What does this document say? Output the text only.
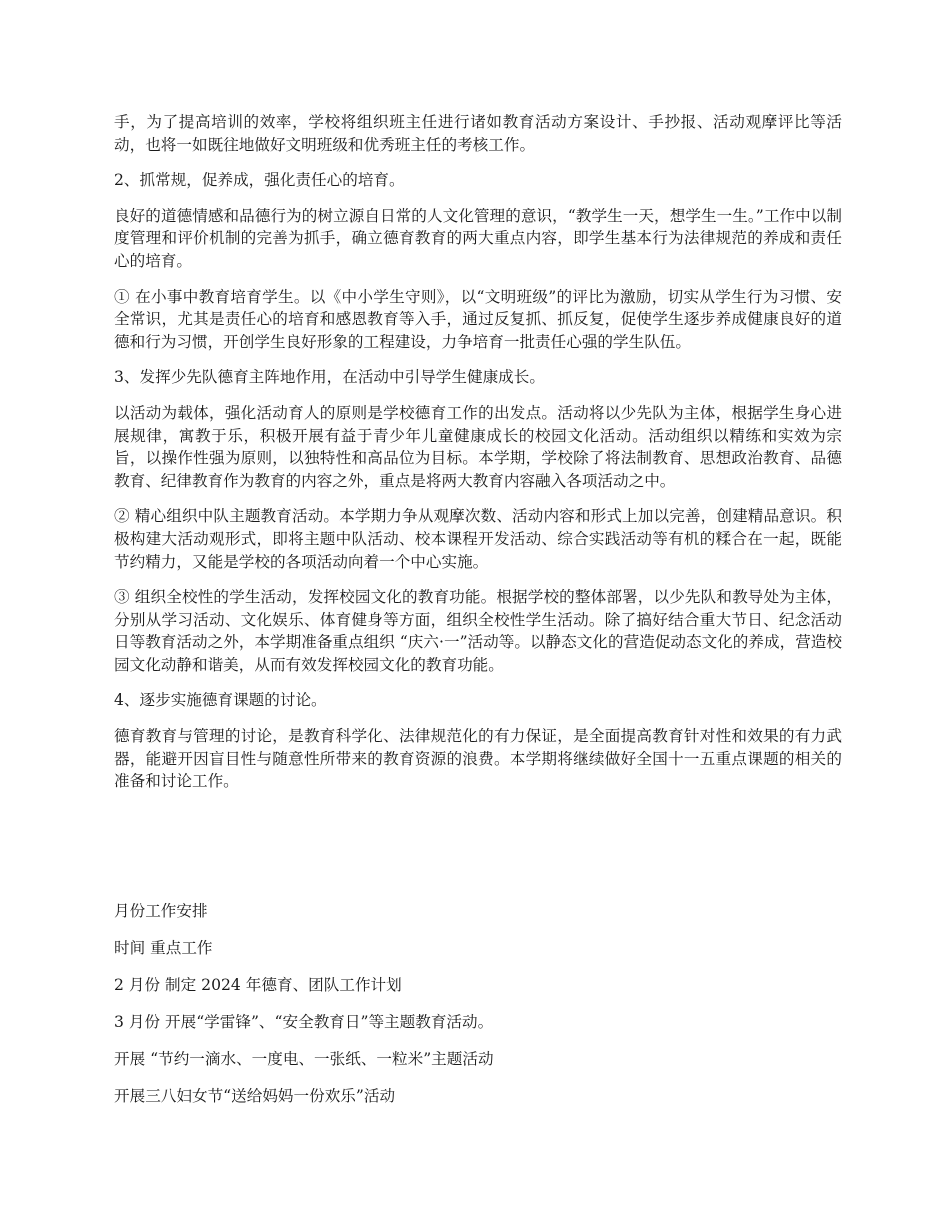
手，为了提高培训的效率，学校将组织班主任进行诸如教育活动方案设计、手抄报、活动观摩评比等活动，也将一如既往地做好文明班级和优秀班主任的考核工作。

2、抓常规，促养成，强化责任心的培育。

良好的道德情感和品德行为的树立源自日常的人文化管理的意识，“教学生一天，想学生一生。”工作中以制度管理和评价机制的完善为抓手，确立德育教育的两大重点内容，即学生基本行为法律规范的养成和责任心的培育。

① 在小事中教育培育学生。以《中小学生守则》，以“文明班级”的评比为激励，切实从学生行为习惯、安全常识，尤其是责任心的培育和感恩教育等入手，通过反复抓、抓反复，促使学生逐步养成健康良好的道德和行为习惯，开创学生良好形象的工程建设，力争培育一批责任心强的学生队伍。

3、发挥少先队德育主阵地作用，在活动中引导学生健康成长。

以活动为载体，强化活动育人的原则是学校德育工作的出发点。活动将以少先队为主体，根据学生身心进展规律，寓教于乐，积极开展有益于青少年儿童健康成长的校园文化活动。活动组织以精练和实效为宗旨，以操作性强为原则，以独特性和高品位为目标。本学期，学校除了将法制教育、思想政治教育、品德教育、纪律教育作为教育的内容之外，重点是将两大教育内容融入各项活动之中。

② 精心组织中队主题教育活动。本学期力争从观摩次数、活动内容和形式上加以完善，创建精品意识。积极构建大活动观形式，即将主题中队活动、校本课程开发活动、综合实践活动等有机的糅合在一起，既能节约精力，又能是学校的各项活动向着一个中心实施。

③ 组织全校性的学生活动，发挥校园文化的教育功能。根据学校的整体部署，以少先队和教导处为主体，分别从学习活动、文化娱乐、体育健身等方面，组织全校性学生活动。除了搞好结合重大节日、纪念活动日等教育活动之外，本学期准备重点组织 “庆六·一”活动等。以静态文化的营造促动态文化的养成，营造校园文化动静和谐美，从而有效发挥校园文化的教育功能。

4、逐步实施德育课题的讨论。

德育教育与管理的讨论，是教育科学化、法律规范化的有力保证，是全面提高教育针对性和效果的有力武器，能避开因盲目性与随意性所带来的教育资源的浪费。本学期将继续做好全国十一五重点课题的相关的准备和讨论工作。

月份工作安排

时间 重点工作

2 月份 制定 2024 年德育、团队工作计划

3 月份 开展“学雷锋”、“安全教育日”等主题教育活动。

开展 “节约一滴水、一度电、一张纸、一粒米”主题活动

开展三八妇女节“送给妈妈一份欢乐”活动
